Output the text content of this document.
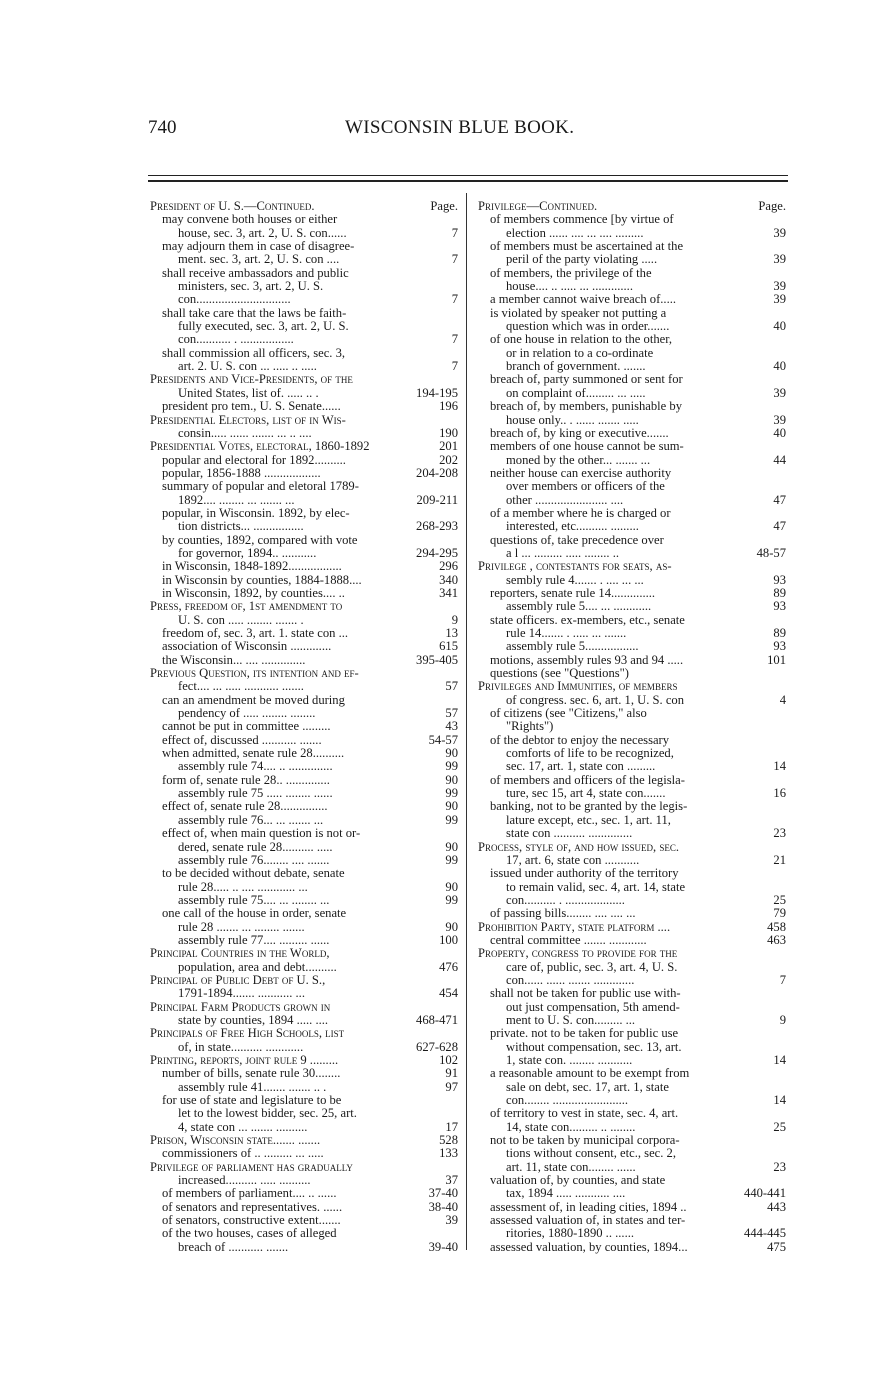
740	WISCONSIN BLUE BOOK.
President of U. S.—Continued.	Page.
may convene both houses or either
house, sec. 3, art. 2, U. S. con......	7
may adjourn them in case of disagree-
ment. sec. 3, art. 2, U. S. con ....	7
shall receive ambassadors and public
ministers, sec. 3, art. 2, U. S.
con..............................	7
shall take care that the laws be faith-
fully executed, sec. 3, art. 2, U. S.
con........... . .................	7
shall commission all officers, sec. 3,
art. 2. U. S. con ... ..... .. .....	7
Presidents and Vice-Presidents, of the
United States, list of. ..... .. .	194-195
president pro tem., U. S. Senate......	196
Presidential Electors, list of in Wis-
consin..... ...... ....... ... .. ....	190
Presidential Votes, electoral, 1860-1892	201
popular and electoral for 1892..........	202
popular, 1856-1888 ..................	204-208
summary of popular and eletoral 1789-
1892.... ........ ... ....... ...	209-211
popular, in Wisconsin. 1892, by elec-
tion districts... ................	268-293
by counties, 1892, compared with vote
for governor, 1894.. ...........	294-295
in Wisconsin, 1848-1892.................	296
in Wisconsin by counties, 1884-1888....	340
in Wisconsin, 1892, by counties.... ..	341
Press, freedom of, 1st amendment to
U. S. con ..... ........ ....... .	9
freedom of, sec. 3, art. 1. state con ...	13
association of Wisconsin .............	615
the Wisconsin... .... ..............	395-405
Previous Question, its intention and ef-
fect.... ... ..... ........... .......	57
can an amendment be moved during
pendency of ..... ........ ........	57
cannot be put in committee .........	43
effect of, discussed ........... .......	54-57
when admitted, senate rule 28..........	90
assembly rule 74.... .. ..............	99
form of, senate rule 28.. ..............	90
assembly rule 75 ..... ........ ......	99
effect of, senate rule 28...............	90
assembly rule 76... ... ....... ...	99
effect of, when main question is not or-
dered, senate rule 28.......... .....	90
assembly rule 76........ .... .......	99
to be decided without debate, senate
rule 28..... .. .... ............ ...	90
assembly rule 75.... ... ........ ...	99
one call of the house in order, senate
rule 28 ....... ... ........ .......	90
assembly rule 77.... ......... ......	100
Principal Countries in the World,
population, area and debt..........	476
Principal of Public Debt of U. S.,
1791-1894....... ........... ...	454
Principal Farm Products grown in
state by counties, 1894 ..... ....	468-471
Principals of Free High Schools, list
of, in state.......... ............	627-628
Printing, reports, joint rule 9 .........	102
number of bills, senate rule 30........	91
assembly rule 41....... ....... .. .	97
for use of state and legislature to be
let to the lowest bidder, sec. 25, art.
4, state con ... ....... ..........	17
Prison, Wisconsin state....... .......	528
commissioners of .. ......... ... .....	133
Privilege of parliament has gradually
increased.......... ..... ..........	37
of members of parliament.... .. ......	37-40
of senators and representatives. ......	38-40
of senators, constructive extent.......	39
of the two houses, cases of alleged
breach of ........... .......	39-40
Privilege—Continued.	Page.
of members commence [by virtue of
election ...... .... ... .... .........	39
of members must be ascertained at the
peril of the party violating .....	39
of members, the privilege of the
house.... .. ..... ... .............	39
a member cannot waive breach of.....	39
is violated by speaker not putting a
question which was in order.......	40
of one house in relation to the other,
or in relation to a co-ordinate
branch of government. .......	40
breach of, party summoned or sent for
on complaint of......... ... .....	39
breach of, by members, punishable by
house only.. . ...... ....... .....	39
breach of, by king or executive.......	40
members of one house cannot be sum-
moned by the other... ....... ...	44
neither house can exercise authority
over members or officers of the
other ....................... ....	47
of a member where he is charged or
interested, etc.......... .........	47
questions of, take precedence over
a l ... ......... ..... ........ ..	48-57
Privilege , contestants for seats, as-
sembly rule 4....... . .... ... ...	93
reporters, senate rule 14..............	89
assembly rule 5.... ... ............	93
state officers. ex-members, etc., senate
rule 14....... . ..... ... .......	89
assembly rule 5.................	93
motions, assembly rules 93 and 94 .....	101
questions (see "Questions")
Privileges and Immunities, of members
of congress. sec. 6, art. 1, U. S. con	4
of citizens (see "Citizens," also
"Rights")
of the debtor to enjoy the necessary
comforts of life to be recognized,
sec. 17, art. 1, state con .........	14
of members and officers of the legisla-
ture, sec 15, art 4, state con.......	16
banking, not to be granted by the legis-
lature except, etc., sec. 1, art. 11,
state con .......... ..............	23
Process, style of, and how issued, sec.
17, art. 6, state con ...........	21
issued under authority of the territory
to remain valid, sec. 4, art. 14, state
con.......... . ...................	25
of passing bills........ .... .... ...	79
Prohibition Party, state platform ....	458
central committee ....... ............	463
Property, congress to provide for the
care of, public, sec. 3, art. 4, U. S.
con...... ...... ....... .............	7
shall not be taken for public use with-
out just compensation, 5th amend-
ment to U. S. con......... ...	9
private. not to be taken for public use
without compensation, sec. 13, art.
1, state con. ........ ...........	14
a reasonable amount to be exempt from
sale on debt, sec. 17, art. 1, state
con........ ........................	14
of territory to vest in state, sec. 4, art.
14, state con......... .. ........	25
not to be taken by municipal corpora-
tions without consent, etc., sec. 2,
art. 11, state con........ ......	23
valuation of, by counties, and state
tax, 1894 ..... ........... ....	440-441
assessment of, in leading cities, 1894 ..	443
assessed valuation of, in states and ter-
ritories, 1880-1890 .. ......	444-445
assessed valuation, by counties, 1894...	475
